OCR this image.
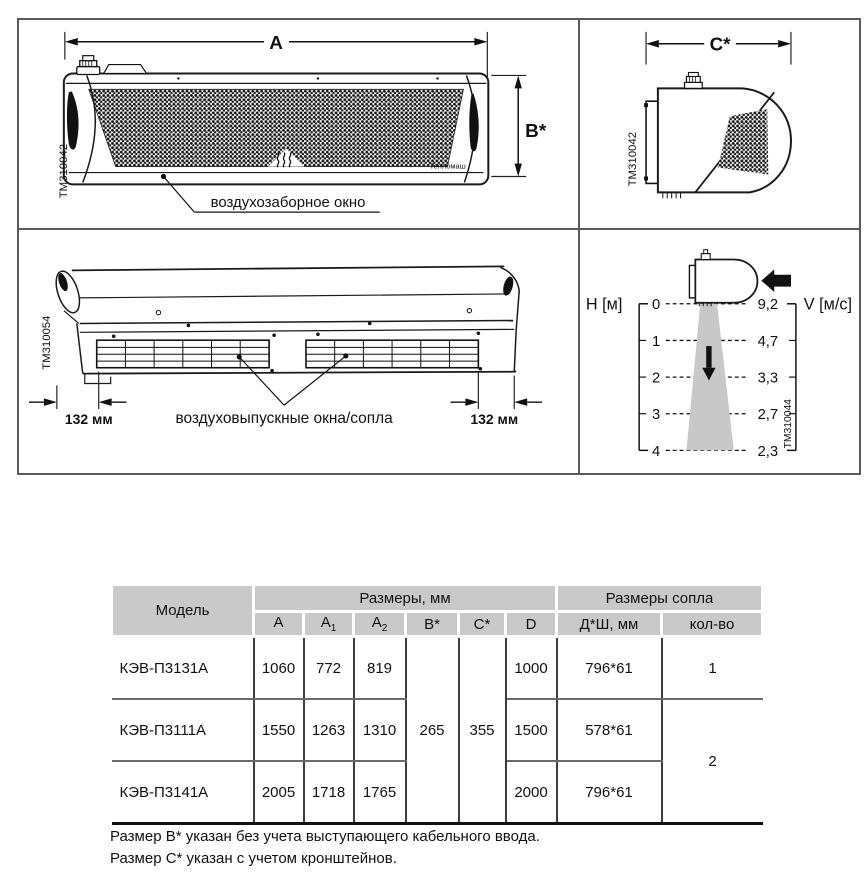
A
Тепломаш
B*
воздухозаборное окно
TM310042
C*
TM310042
132 мм	132 мм
воздуховыпускные окна/сопла
TM310054
0
1
2
3
4
H [м]	9,2
4,7
3,3
2,7
2,3
V [м/с]
TM310044
Модель	Размеры, мм						Размеры сопла	
	A	$A_1$	$A_2$	B*	C*	D	Д*Ш, мм	кол-во
КЭВ-П3131А	1060	772	819	265	355	1000	796*61	1
КЭВ-П3111А	1550	1263	1310			1500	578*61	2
КЭВ-П3141А	2005	1718	1765			2000	796*61	
Размер B* указан без учета выступающего кабельного ввода.
Размер C* указан с учетом кронштейнов.
